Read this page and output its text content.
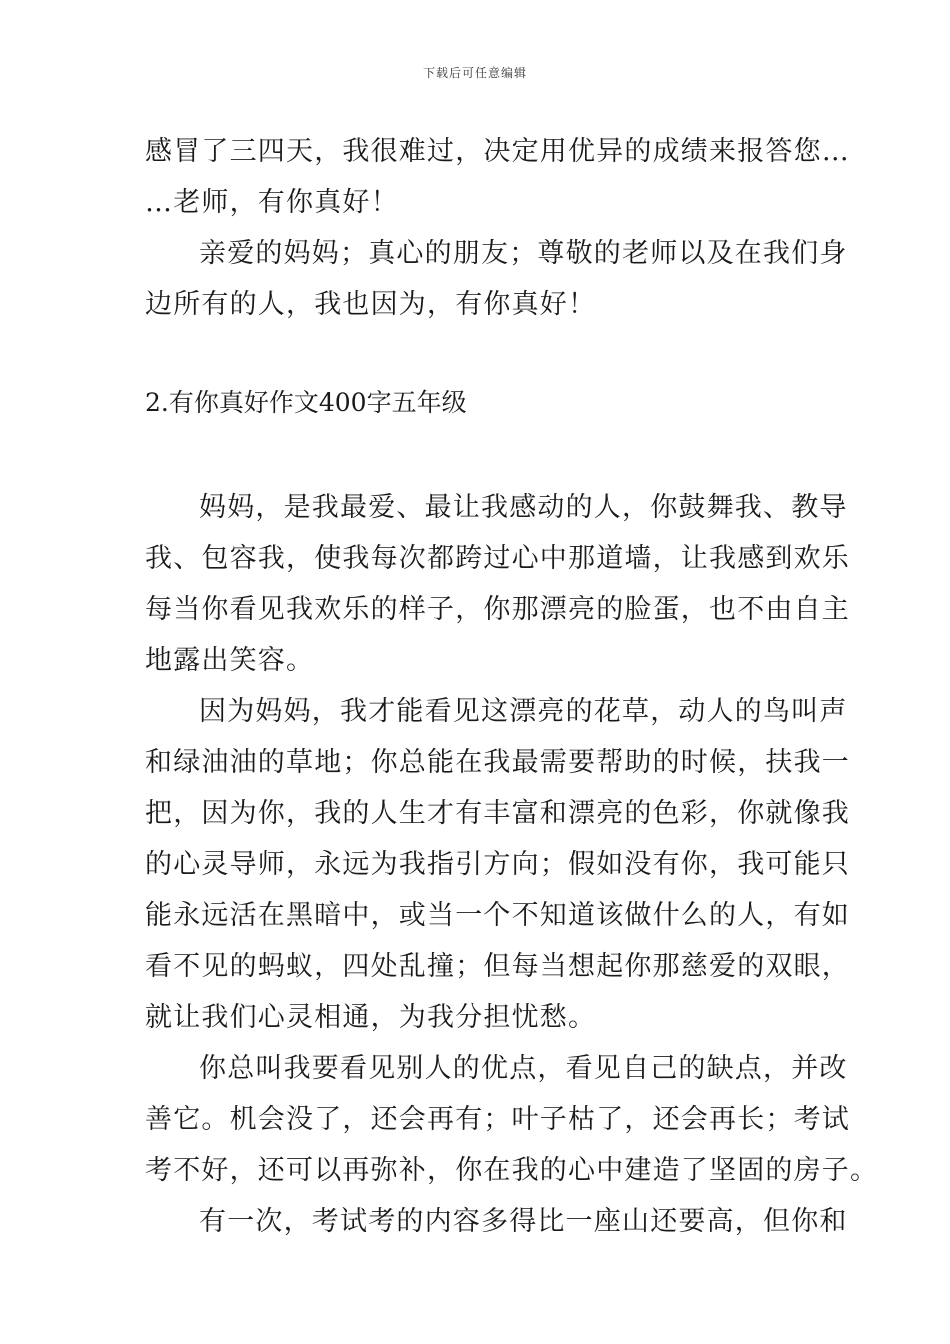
下载后可任意编辑
感冒了三四天，我很难过，决定用优异的成绩来报答您…
…老师，有你真好！
亲爱的妈妈；真心的朋友；尊敬的老师以及在我们身
边所有的人，我也因为，有你真好！
2.有你真好作文400字五年级
妈妈，是我最爱、最让我感动的人，你鼓舞我、教导
我、包容我，使我每次都跨过心中那道墙，让我感到欢乐
每当你看见我欢乐的样子，你那漂亮的脸蛋，也不由自主
地露出笑容。
因为妈妈，我才能看见这漂亮的花草，动人的鸟叫声
和绿油油的草地；你总能在我最需要帮助的时候，扶我一
把，因为你，我的人生才有丰富和漂亮的色彩，你就像我
的心灵导师，永远为我指引方向；假如没有你，我可能只
能永远活在黑暗中，或当一个不知道该做什么的人，有如
看不见的蚂蚁，四处乱撞；但每当想起你那慈爱的双眼，
就让我们心灵相通，为我分担忧愁。
你总叫我要看见别人的优点，看见自己的缺点，并改
善它。机会没了，还会再有；叶子枯了，还会再长；考试
考不好，还可以再弥补，你在我的心中建造了坚固的房子。
有一次，考试考的内容多得比一座山还要高，但你和
